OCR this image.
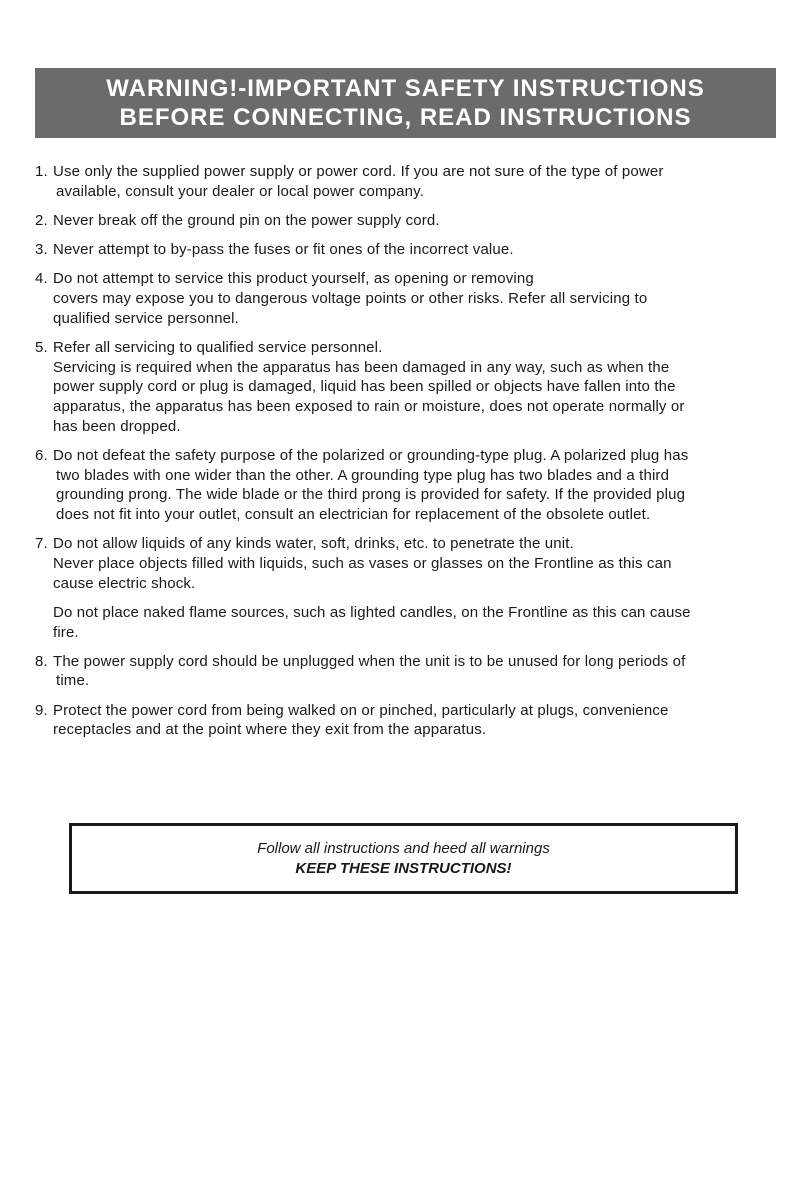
WARNING!-IMPORTANT SAFETY INSTRUCTIONS
BEFORE CONNECTING, READ INSTRUCTIONS
1. Use only the supplied power supply or power cord. If you are not sure of the type of power
available, consult your dealer or local power company.
2. Never break off the ground pin on the power supply cord.
3. Never attempt to by-pass the fuses or fit ones of the incorrect value.
4. Do not attempt to service this product yourself, as opening or removing
covers may expose you to dangerous voltage points or other risks. Refer all servicing to
qualified service personnel.
5. Refer all servicing to qualified service personnel.
Servicing is required when the apparatus has been damaged in any way, such as when the
power supply cord or plug is damaged, liquid has been spilled or objects have fallen into the
apparatus, the apparatus has been exposed to rain or moisture, does not operate normally or
has been dropped.
6. Do not defeat the safety purpose of the polarized or grounding-type plug. A polarized plug has
two blades with one wider than the other. A grounding type plug has two blades and a third
grounding prong. The wide blade or the third prong is provided for safety. If the provided plug
does not fit into your outlet, consult an electrician for replacement of the obsolete outlet.
7. Do not allow liquids of any kinds water, soft, drinks, etc. to penetrate the unit.
Never place objects filled with liquids, such as vases or glasses on the Frontline as this can
cause electric shock.
Do not place naked flame sources, such as lighted candles, on the Frontline as this can cause
fire.
8. The power supply cord should be unplugged when the unit is to be unused for long periods of
time.
9. Protect the power cord from being walked on or pinched, particularly at plugs, convenience
receptacles and at the point where they exit from the apparatus.
Follow all instructions and heed all warnings
KEEP THESE INSTRUCTIONS!
